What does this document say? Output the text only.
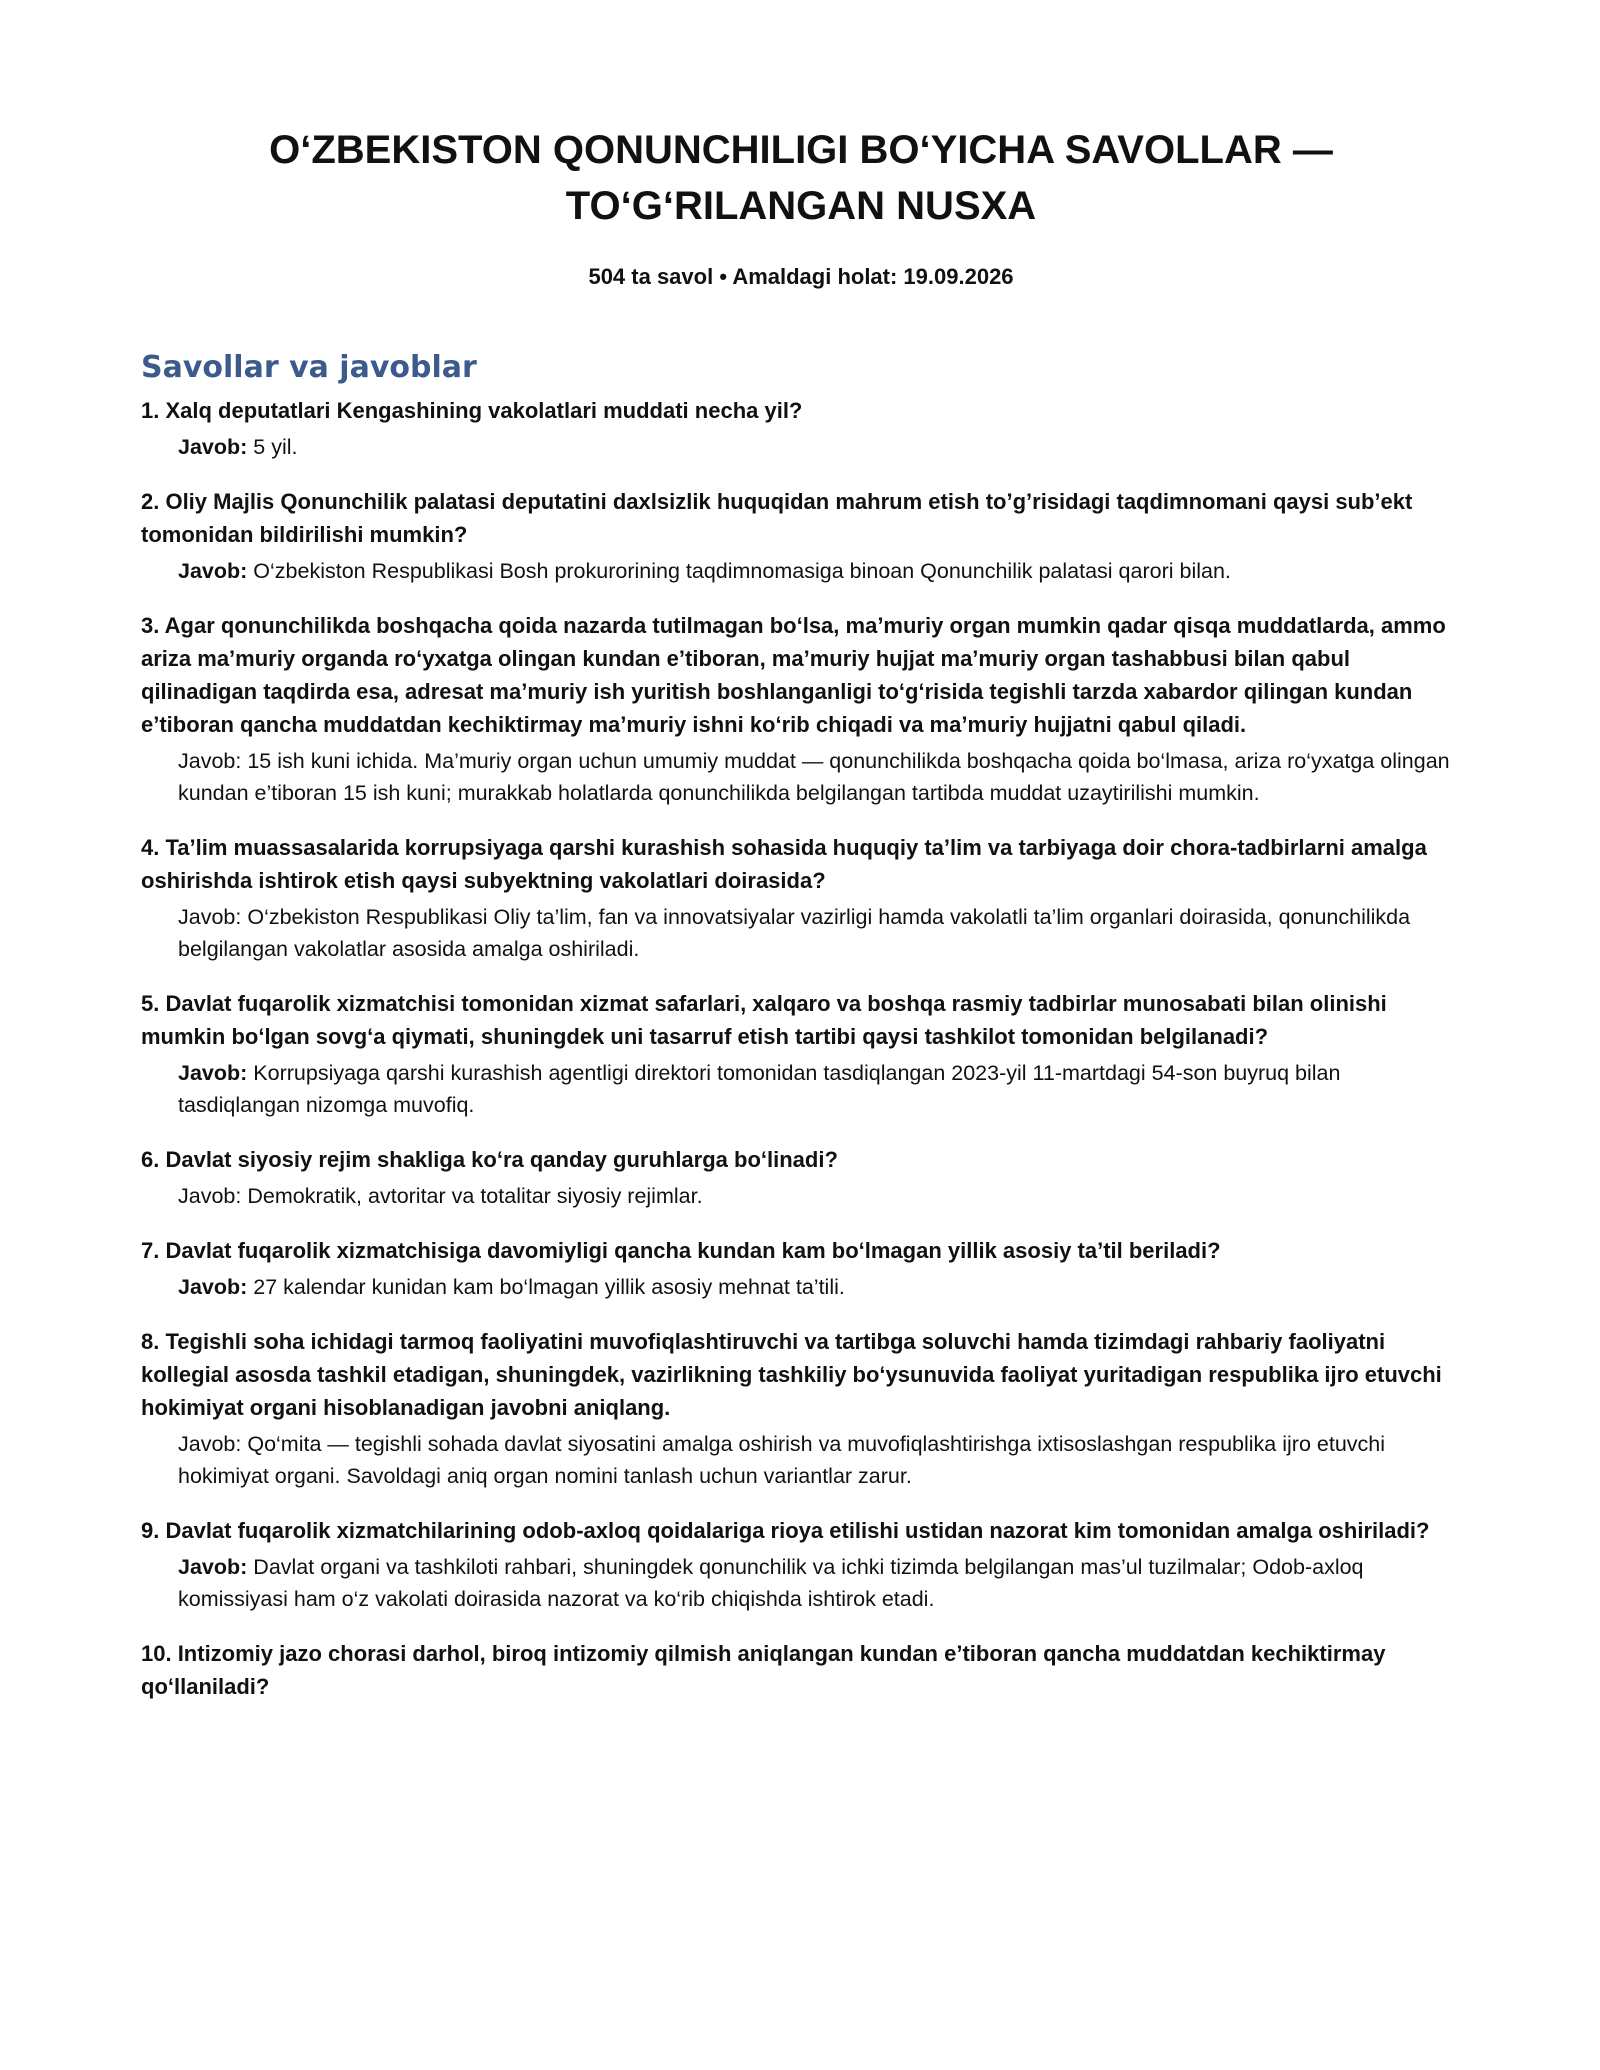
O‘ZBEKISTON QONUNCHILIGI BO‘YICHA SAVOLLAR — TO‘G‘RILANGAN NUSXA
504 ta savol • Amaldagi holat: 19.09.2026
Savollar va javoblar

1. Xalq deputatlari Kengashining vakolatlari muddati necha yil?

Javob: 5 yil.

2. Oliy Majlis Qonunchilik palatasi deputatini daxlsizlik huquqidan mahrum etish to’g’risidagi taqdimnomani qaysi sub’ekt tomonidan bildirilishi mumkin?

Javob: O‘zbekiston Respublikasi Bosh prokurorining taqdimnomasiga binoan Qonunchilik palatasi qarori bilan.

3. Agar qonunchilikda boshqacha qoida nazarda tutilmagan bo‘lsa, ma’muriy organ mumkin qadar qisqa muddatlarda, ammo ariza ma’muriy organda ro‘yxatga olingan kundan e’tiboran, ma’muriy hujjat ma’muriy organ tashabbusi bilan qabul qilinadigan taqdirda esa, adresat ma’muriy ish yuritish boshlanganligi to‘g‘risida tegishli tarzda xabardor qilingan kundan e’tiboran qancha muddatdan kechiktirmay ma’muriy ishni ko‘rib chiqadi va ma’muriy hujjatni qabul qiladi.

Javob: 15 ish kuni ichida. Ma’muriy organ uchun umumiy muddat — qonunchilikda boshqacha qoida bo‘lmasa, ariza ro‘yxatga olingan kundan e’tiboran 15 ish kuni; murakkab holatlarda qonunchilikda belgilangan tartibda muddat uzaytirilishi mumkin.

4. Ta’lim muassasalarida korrupsiyaga qarshi kurashish sohasida huquqiy ta’lim va tarbiyaga doir chora-tadbirlarni amalga oshirishda ishtirok etish qaysi subyektning vakolatlari doirasida?

Javob: O‘zbekiston Respublikasi Oliy ta’lim, fan va innovatsiyalar vazirligi hamda vakolatli ta’lim organlari doirasida, qonunchilikda belgilangan vakolatlar asosida amalga oshiriladi.

5. Davlat fuqarolik xizmatchisi tomonidan xizmat safarlari, xalqaro va boshqa rasmiy tadbirlar munosabati bilan olinishi mumkin bo‘lgan sovg‘a qiymati, shuningdek uni tasarruf etish tartibi qaysi tashkilot tomonidan belgilanadi?

Javob: Korrupsiyaga qarshi kurashish agentligi direktori tomonidan tasdiqlangan 2023-yil 11-martdagi 54-son buyruq bilan tasdiqlangan nizomga muvofiq.

6. Davlat siyosiy rejim shakliga ko‘ra qanday guruhlarga bo‘linadi?

Javob: Demokratik, avtoritar va totalitar siyosiy rejimlar.

7. Davlat fuqarolik xizmatchisiga davomiyligi qancha kundan kam bo‘lmagan yillik asosiy ta’til beriladi?

Javob: 27 kalendar kunidan kam bo‘lmagan yillik asosiy mehnat ta’tili.

8. Tegishli soha ichidagi tarmoq faoliyatini muvofiqlashtiruvchi va tartibga soluvchi hamda tizimdagi rahbariy faoliyatni kollegial asosda tashkil etadigan, shuningdek, vazirlikning tashkiliy bo‘ysunuvida faoliyat yuritadigan respublika ijro etuvchi hokimiyat organi hisoblanadigan javobni aniqlang.

Javob: Qo‘mita — tegishli sohada davlat siyosatini amalga oshirish va muvofiqlashtirishga ixtisoslashgan respublika ijro etuvchi hokimiyat organi. Savoldagi aniq organ nomini tanlash uchun variantlar zarur.

9. Davlat fuqarolik xizmatchilarining odob-axloq qoidalariga rioya etilishi ustidan nazorat kim tomonidan amalga oshiriladi?

Javob: Davlat organi va tashkiloti rahbari, shuningdek qonunchilik va ichki tizimda belgilangan mas’ul tuzilmalar; Odob-axloq komissiyasi ham o‘z vakolati doirasida nazorat va ko‘rib chiqishda ishtirok etadi.

10. Intizomiy jazo chorasi darhol, biroq intizomiy qilmish aniqlangan kundan e’tiboran qancha muddatdan kechiktirmay qo‘llaniladi?
